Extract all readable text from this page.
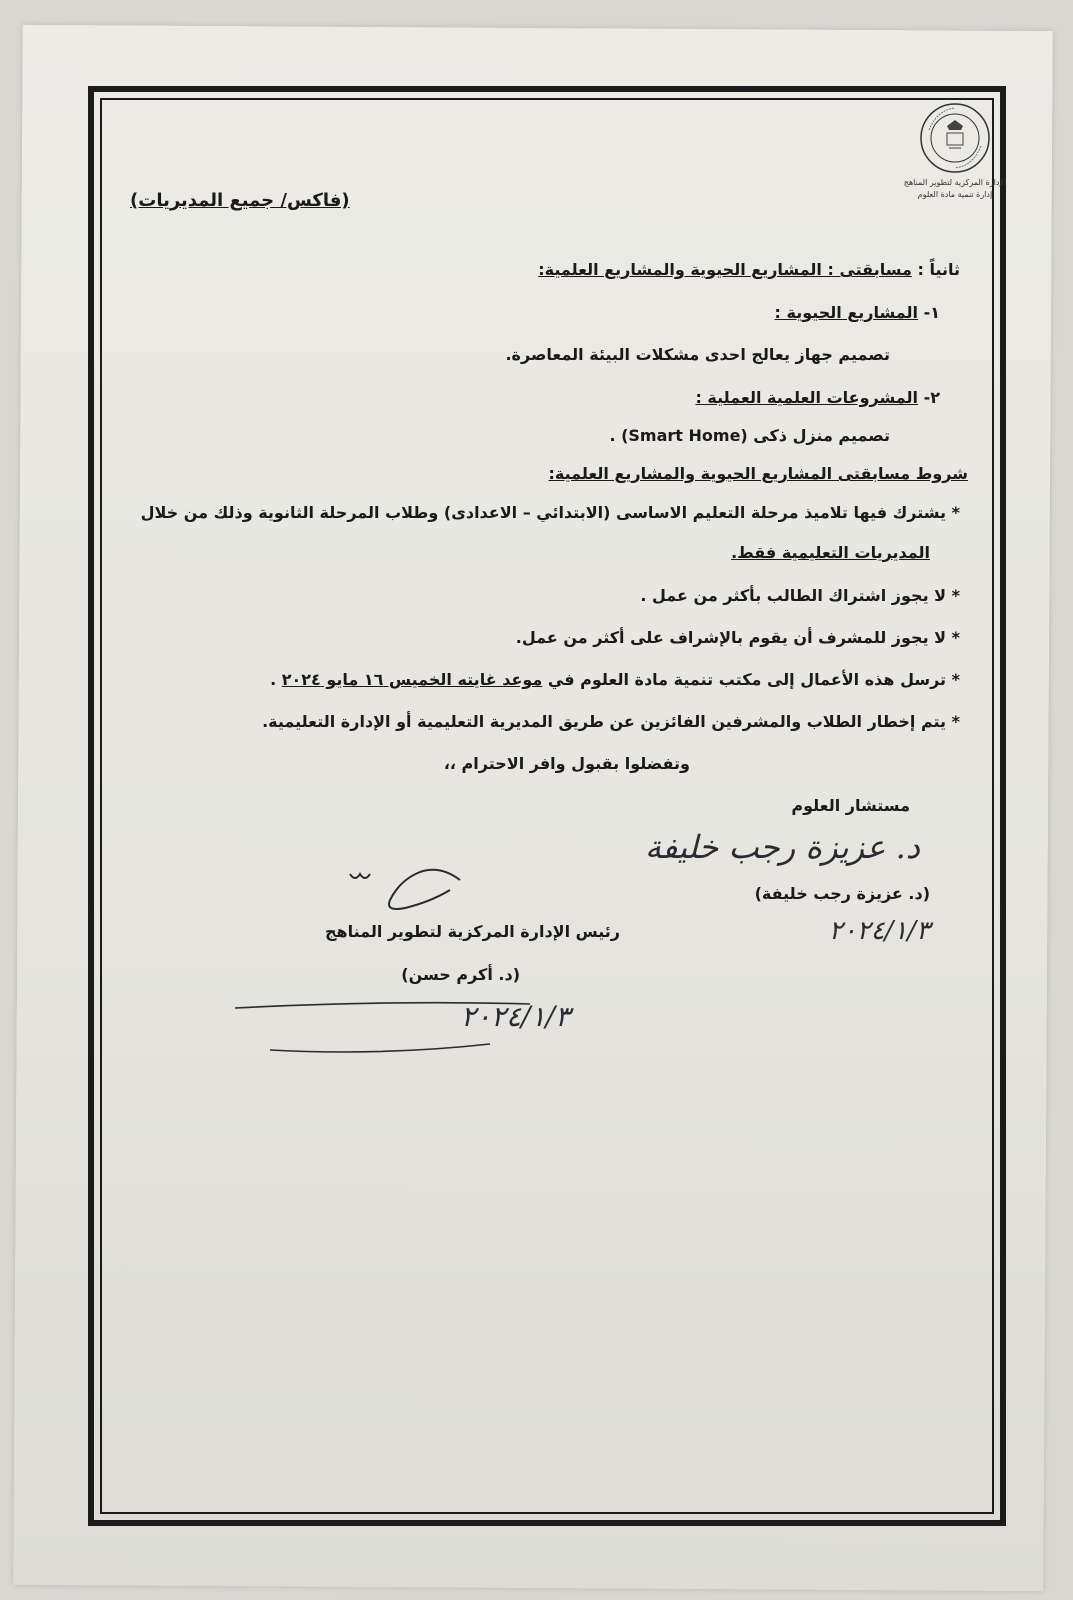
الإدارة المركزية لتطوير المناهج
إدارة تنمية مادة العلوم
(فاكس/ جميع المديريات)
ثانياً : مسابقتى : المشاريع الحيوية والمشاريع العلمية:
١- المشاريع الحيوية :
تصميم جهاز يعالج احدى مشكلات البيئة المعاصرة.
٢- المشروعات العلمية العملية :
تصميم منزل ذكى (Smart Home) .
شروط مسابقتى المشاريع الحيوية والمشاريع العلمية:
* يشترك فيها تلاميذ مرحلة التعليم الاساسى (الابتدائي – الاعدادى) وطلاب المرحلة الثانوية وذلك من خلال
المديريات التعليمية فقط.
* لا يجوز اشتراك الطالب بأكثر من عمل .
* لا يجوز للمشرف أن يقوم بالإشراف على أكثر من عمل.
* ترسل هذه الأعمال إلى مكتب تنمية مادة العلوم في موعد غايته الخميس ١٦ مايو ٢٠٢٤ .
* يتم إخطار الطلاب والمشرفين الفائزين عن طريق المديرية التعليمية أو الإدارة التعليمية.
وتفضلوا بقبول وافر الاحترام ،،
مستشار العلوم
د. عزيزة رجب خليفة
(د. عزيزة رجب خليفة)
٢٠٢٤/١/٣
رئيس الإدارة المركزية لتطوير المناهج
(د. أكرم حسن)
٢٠٢٤/١/٣
